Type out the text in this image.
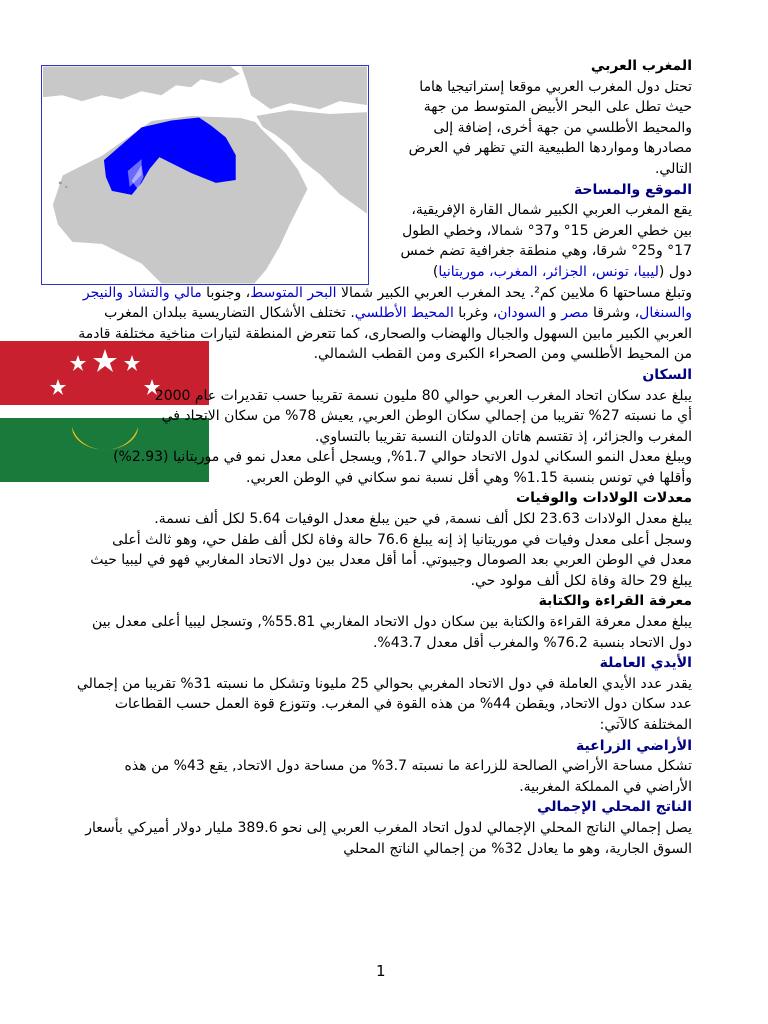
المغرب العربي

تحتل دول المغرب العربي موقعا إستراتيجيا هاما حيث تطل على البحر الأبيض المتوسط من جهة والمحيط الأطلسي من جهة أخرى، إضافة إلى مصادرها ومواردها الطبيعية التي تظهر في العرض التالي.

الموقع والمساحة

يقع المغرب العربي الكبير شمال القارة الإفريقية، بين خطي العرض 15° و37° شمالا، وخطي الطول 17° و25° شرقا، وهي منطقة جغرافية تضم خمس دول (ليبيا، تونس، الجزائر، المغرب، موريتانيا)

وتبلغ مساحتها 6 ملايين كم². يحد المغرب العربي الكبير شمالا البحر المتوسط، وجنوبا مالي والتشاد والنيجر والسنغال، وشرقا مصر و السودان، وغربا المحيط الأطلسي. تختلف الأشكال التضاريسية ببلدان المغرب العربي الكبير مابين السهول والجبال والهضاب والصحارى، كما تتعرض المنطقة لتيارات مناخية مختلفة قادمة من المحيط الأطلسي ومن الصحراء الكبرى ومن القطب الشمالي.

السكان

يبلغ عدد سكان اتحاد المغرب العربي حوالي 80 مليون نسمة تقريبا حسب تقديرات عام 2000 أي ما نسبته 27% تقريبا من إجمالي سكان الوطن العربي, يعيش 78% من سكان الاتحاد في المغرب والجزائر، إذ تقتسم هاتان الدولتان النسبة تقريبا بالتساوي.

ويبلغ معدل النمو السكاني لدول الاتحاد حوالي 1.7%, ويسجل أعلى معدل نمو في موريتانيا (2.93%) وأقلها في تونس بنسبة 1.15% وهي أقل نسبة نمو سكاني في الوطن العربي.

معدلات الولادات والوفيات

يبلغ معدل الولادات 23.63 لكل ألف نسمة, في حين يبلغ معدل الوفيات 5.64 لكل ألف نسمة.

وسجل أعلى معدل وفيات في موريتانيا إذ إنه يبلغ 76.6 حالة وفاة لكل ألف طفل حي، وهو ثالث أعلى معدل في الوطن العربي بعد الصومال وجيبوتي. أما أقل معدل بين دول الاتحاد المغاربي فهو في ليبيا حيث يبلغ 29 حالة وفاة لكل ألف مولود حي.

معرفة القراءة والكتابة

يبلغ معدل معرفة القراءة والكتابة بين سكان دول الاتحاد المغاربي 55.81%, وتسجل ليبيا أعلى معدل بين دول الاتحاد بنسبة 76.2% والمغرب أقل معدل 43.7%.

الأيدي العاملة

يقدر عدد الأيدي العاملة في دول الاتحاد المغربي بحوالي 25 مليونا وتشكل ما نسبته 31% تقريبا من إجمالي عدد سكان دول الاتحاد, ويقطن 44% من هذه القوة في المغرب. وتتوزع قوة العمل حسب القطاعات المختلفة كالآتي:

الأراضي الزراعية

تشكل مساحة الأراضي الصالحة للزراعة ما نسبته 3.7% من مساحة دول الاتحاد, يقع 43% من هذه الأراضي في المملكة المغربية.

الناتج المحلي الإجمالي

يصل إجمالي الناتج المحلي الإجمالي لدول اتحاد المغرب العربي إلى نحو 389.6 مليار دولار أميركي بأسعار السوق الجارية، وهو ما يعادل 32% من إجمالي الناتج المحلي

1
